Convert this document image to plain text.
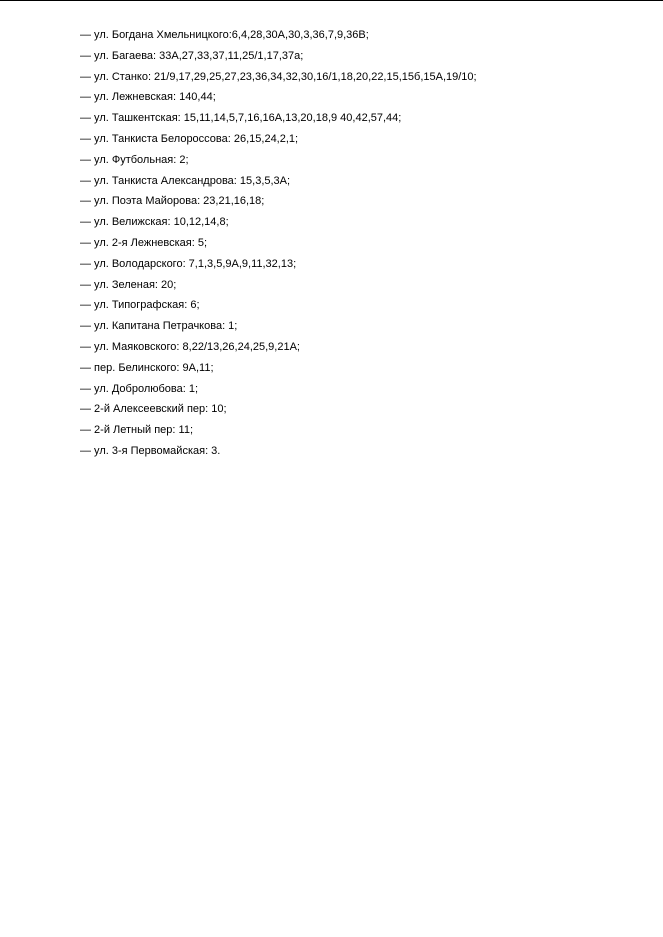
— ул. Богдана Хмельницкого:6,4,28,30А,30,3,36,7,9,36В;
— ул. Багаева: 33А,27,33,37,11,25/1,17,37а;
— ул. Станко: 21/9,17,29,25,27,23,36,34,32,30,16/1,18,20,22,15,15б,15А,19/10;
— ул. Лежневская: 140,44;
— ул. Ташкентская: 15,11,14,5,7,16,16А,13,20,18,9 40,42,57,44;
— ул. Танкиста Белороссова: 26,15,24,2,1;
— ул. Футбольная: 2;
— ул. Танкиста Александрова: 15,3,5,3А;
— ул. Поэта Майорова: 23,21,16,18;
— ул. Велижская: 10,12,14,8;
— ул. 2-я Лежневская: 5;
— ул. Володарского: 7,1,3,5,9А,9,11,32,13;
— ул. Зеленая: 20;
— ул. Типографская: 6;
— ул. Капитана Петрачкова: 1;
— ул. Маяковского: 8,22/13,26,24,25,9,21А;
— пер. Белинского: 9А,11;
— ул. Добролюбова: 1;
— 2-й Алексеевский пер: 10;
— 2-й Летный пер: 11;
— ул. 3-я Первомайская: 3.
